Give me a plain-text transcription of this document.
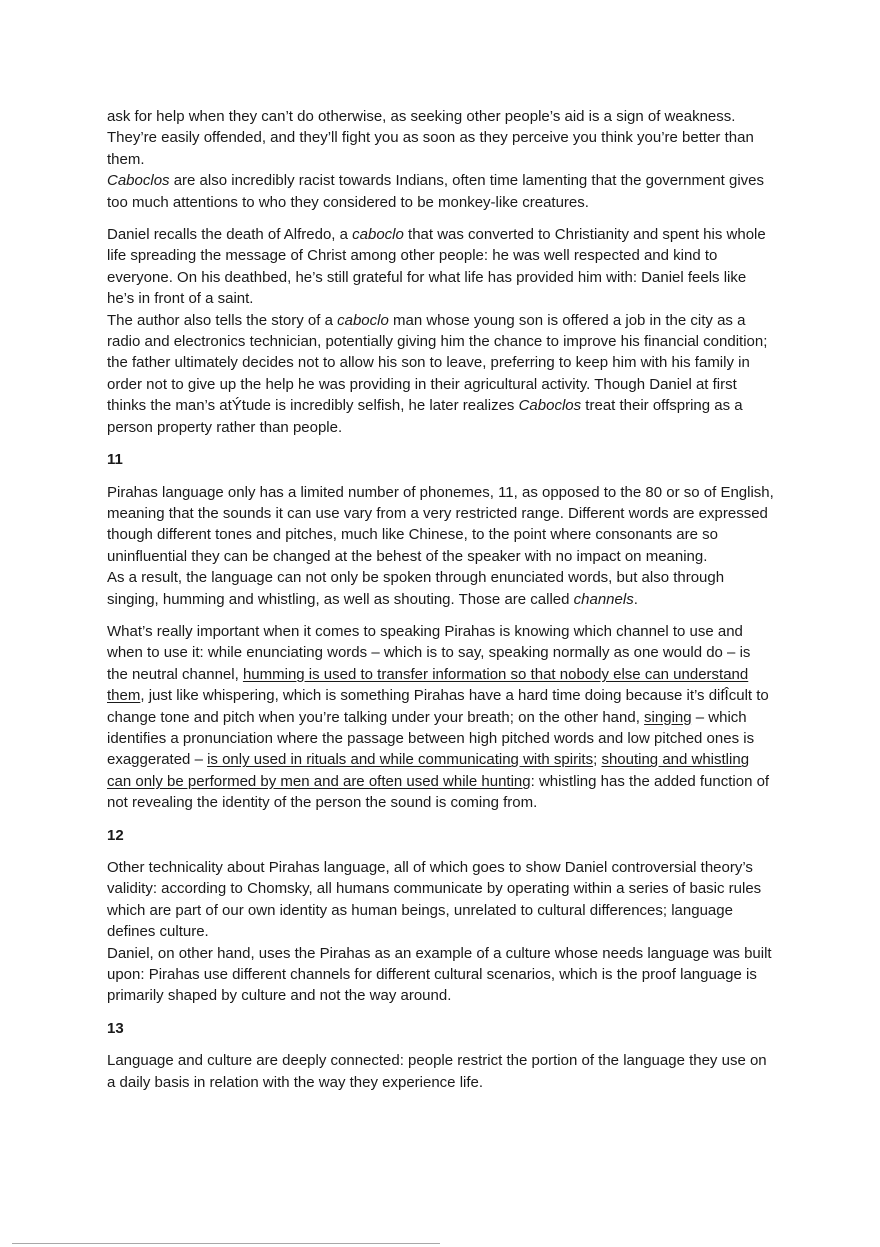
ask for help when they can’t do otherwise, as seeking other people’s aid is a sign of weakness. They’re easily offended, and they’ll fight you as soon as they perceive you think you’re better than them.

Caboclos are also incredibly racist towards Indians, often time lamenting that the government gives too much attentions to who they considered to be monkey-like creatures.

Daniel recalls the death of Alfredo, a caboclo that was converted to Christianity and spent his whole life spreading the message of Christ among other people: he was well respected and kind to everyone. On his deathbed, he’s still grateful for what life has provided him with: Daniel feels like he’s in front of a saint.

The author also tells the story of a caboclo man whose young son is offered a job in the city as a radio and electronics technician, potentially giving him the chance to improve his financial condition; the father ultimately decides not to allow his son to leave, preferring to keep him with his family in order not to give up the help he was providing in their agricultural activity. Though Daniel at first thinks the man’s atÝtude is incredibly selfish, he later realizes Caboclos treat their offspring as a person property rather than people.

11

Pirahas language only has a limited number of phonemes, 11, as opposed to the 80 or so of English, meaning that the sounds it can use vary from a very restricted range. Different words are expressed though different tones and pitches, much like Chinese, to the point where consonants are so uninfluential they can be changed at the behest of the speaker with no impact on meaning.

As a result, the language can not only be spoken through enunciated words, but also through singing, humming and whistling, as well as shouting. Those are called channels.

What’s really important when it comes to speaking Pirahas is knowing which channel to use and when to use it: while enunciating words – which is to say, speaking normally as one would do – is the neutral channel, humming is used to transfer information so that nobody else can understand them, just like whispering, which is something Pirahas have a hard time doing because it’s difÎcult to change tone and pitch when you’re talking under your breath; on the other hand, singing – which identifies a pronunciation where the passage between high pitched words and low pitched ones is exaggerated – is only used in rituals and while communicating with spirits; shouting and whistling can only be performed by men and are often used while hunting: whistling has the added function of not revealing the identity of the person the sound is coming from.

12

Other technicality about Pirahas language, all of which goes to show Daniel controversial theory’s validity: according to Chomsky, all humans communicate by operating within a series of basic rules which are part of our own identity as human beings, unrelated to cultural differences; language defines culture.

Daniel, on other hand, uses the Pirahas as an example of a culture whose needs language was built upon: Pirahas use different channels for different cultural scenarios, which is the proof language is primarily shaped by culture and not the way around.

13

Language and culture are deeply connected: people restrict the portion of the language they use on a daily basis in relation with the way they experience life.
